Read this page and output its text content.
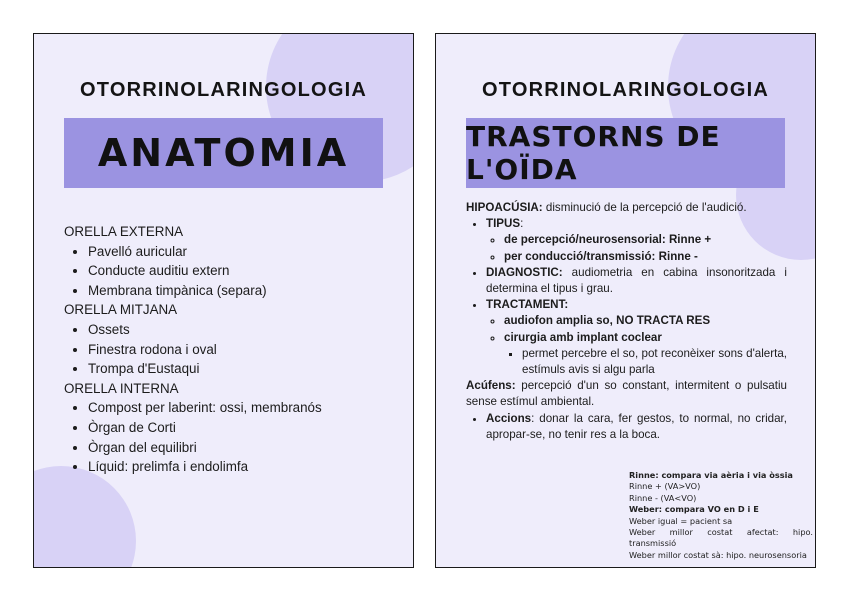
OTORRINOLARINGOLOGIA
ANATOMIA
ORELLA EXTERNA
• Pavelló auricular
• Conducte auditiu extern
• Membrana timpànica (separa)
ORELLA MITJANA
• Ossets
• Finestra rodona i oval
• Trompa d'Eustaqui
ORELLA INTERNA
• Compost per laberint: ossi, membranós
• Òrgan de Corti
• Òrgan del equilibri
• Líquid: prelimfa i endolimfa
OTORRINOLARINGOLOGIA
TRASTORNS DE L'OÏDA
HIPOACÚSIA: disminució de la percepció de l'audició.
• TIPUS:
◦ de percepció/neurosensorial: Rinne +
◦ per conducció/transmissió: Rinne -
• DIAGNOSTIC: audiometria en cabina insonoritzada i determina el tipus i grau.
• TRACTAMENT:
◦ audiofon amplia so, NO TRACTA RES
◦ cirurgia amb implant coclear
▪ permet percebre el so, pot reconèixer sons d'alerta, estímuls avis si algu parla
Acúfens: percepció d'un so constant, intermitent o pulsatiu sense estímul ambiental.
• Accions: donar la cara, fer gestos, to normal, no cridar, apropar-se, no tenir res a la boca.
Rinne: compara via aèria i via òssia
Rinne + (VA>VO)
Rinne - (VA<VO)
Weber: compara VO en D i E
Weber igual = pacient sa
Weber millor costat afectat: hipo. transmissió
Weber millor costat sà: hipo. neurosensoria
